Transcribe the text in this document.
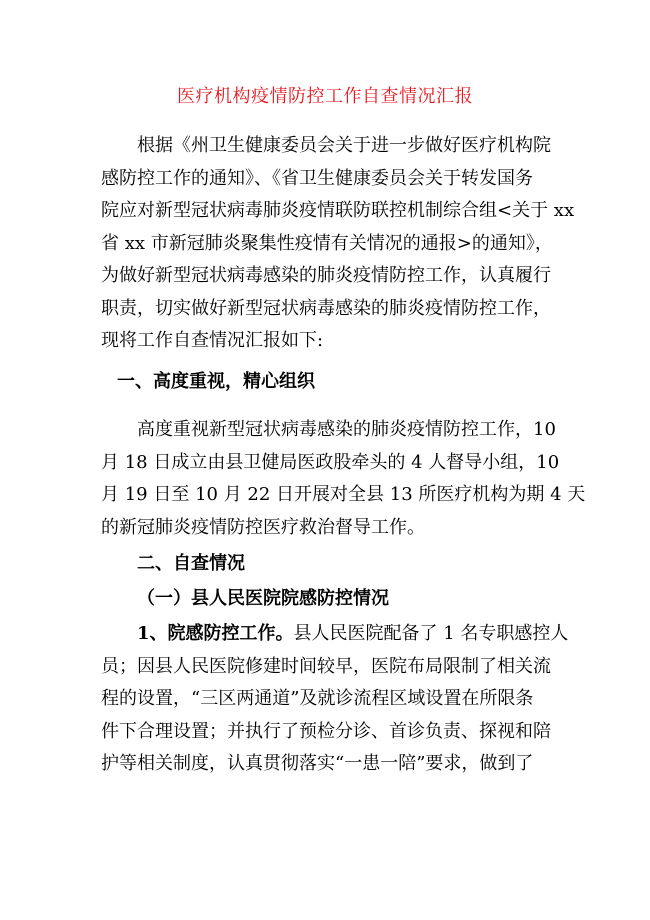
医疗机构疫情防控工作自查情况汇报
根据《州卫生健康委员会关于进一步做好医疗机构院
感防控工作的通知》、《省卫生健康委员会关于转发国务
院应对新型冠状病毒肺炎疫情联防联控机制综合组<关于 xx
省 xx 市新冠肺炎聚集性疫情有关情况的通报>的通知》，
为做好新型冠状病毒感染的肺炎疫情防控工作，认真履行
职责，切实做好新型冠状病毒感染的肺炎疫情防控工作，
现将工作自查情况汇报如下:
一、高度重视，精心组织
高度重视新型冠状病毒感染的肺炎疫情防控工作，10
月 18 日成立由县卫健局医政股牵头的 4 人督导小组，10
月 19 日至 10 月 22 日开展对全县 13 所医疗机构为期 4 天
的新冠肺炎疫情防控医疗救治督导工作。
二、自查情况
（一）县人民医院院感防控情况
1、院感防控工作。县人民医院配备了 1 名专职感控人
员；因县人民医院修建时间较早，医院布局限制了相关流
程的设置，“三区两通道”及就诊流程区域设置在所限条
件下合理设置；并执行了预检分诊、首诊负责、探视和陪
护等相关制度，认真贯彻落实“一患一陪”要求，做到了
